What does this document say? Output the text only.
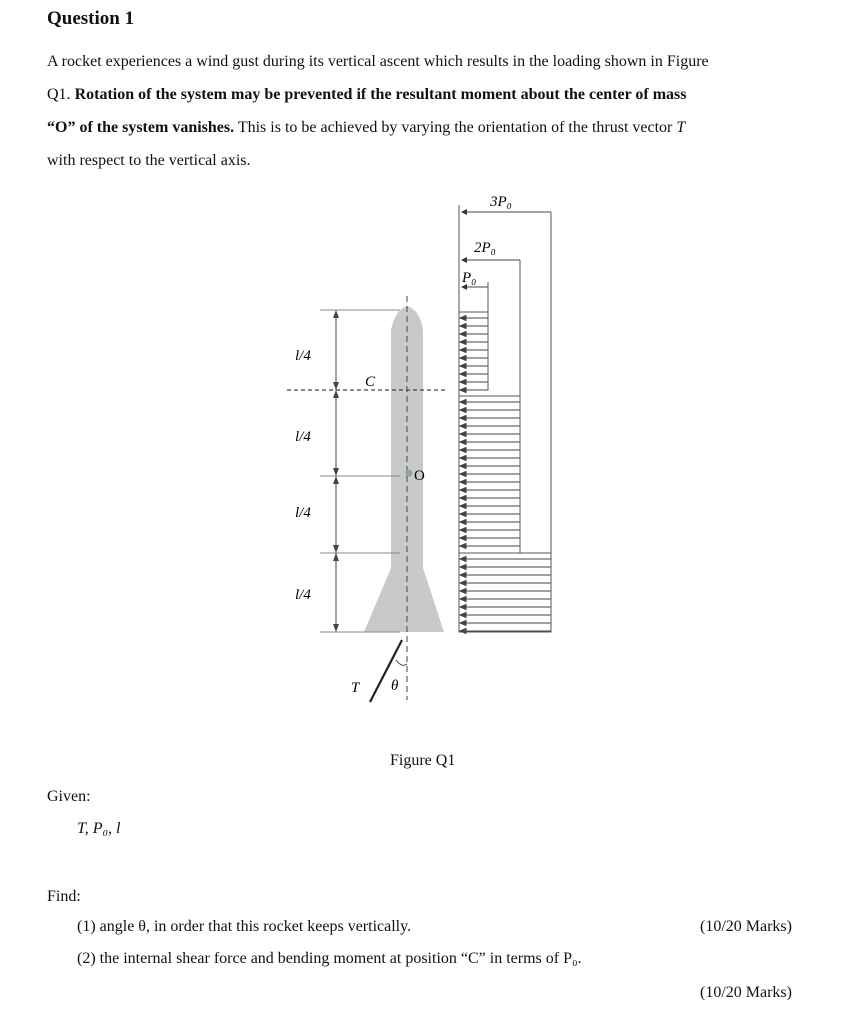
Question 1
A rocket experiences a wind gust during its vertical ascent which results in the loading shown in Figure
Q1. Rotation of the system may be prevented if the resultant moment about the center of mass
“O” of the system vanishes. This is to be achieved by varying the orientation of the thrust vector T
with respect to the vertical axis.
3P₀
2P₀
P₀
l/4
l/4
l/4
l/4
C
O
T θ
Figure Q1
Given:
T, P₀, l
Find:
(1) angle θ, in order that this rocket keeps vertically.	(10/20 Marks)
(2) the internal shear force and bending moment at position “C” in terms of P₀.
(10/20 Marks)
